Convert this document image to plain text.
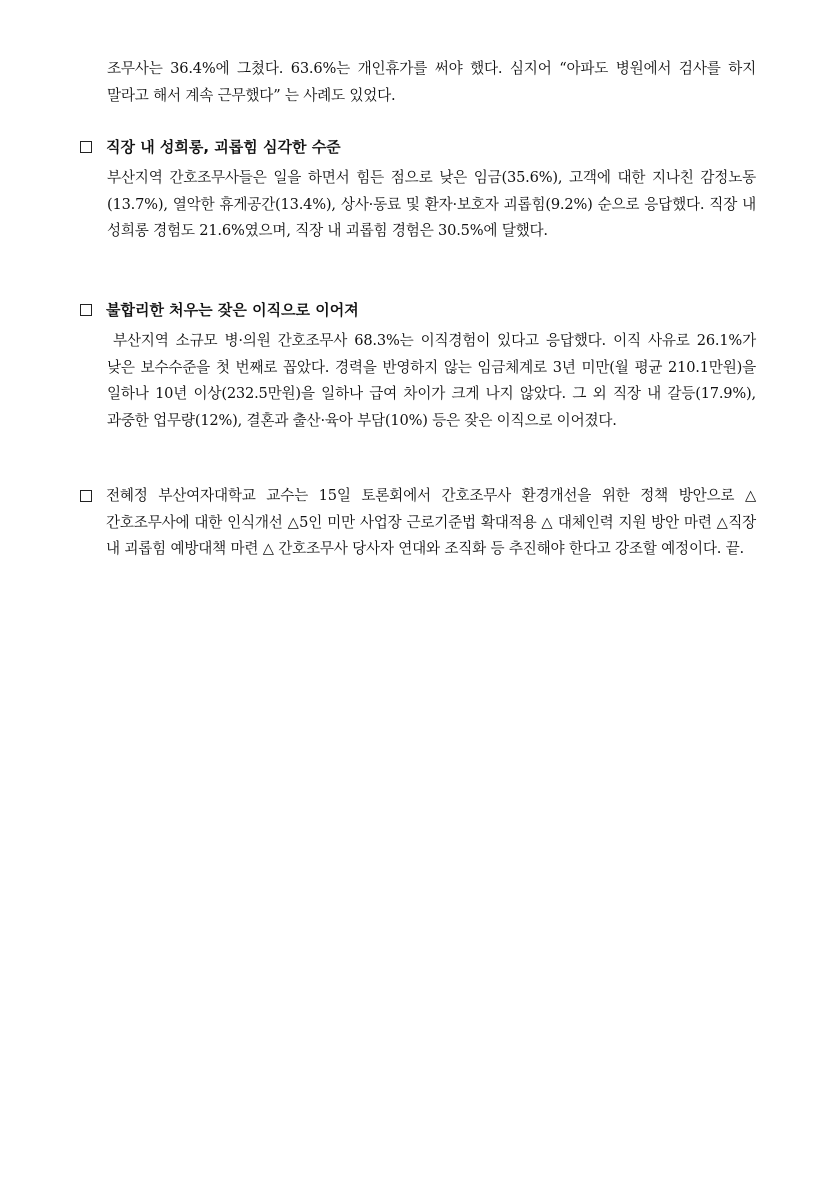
조무사는 36.4%에 그쳤다. 63.6%는 개인휴가를 써야 했다. 심지어 “아파도 병원에서 검사를 하지 말라고 해서 계속 근무했다” 는 사례도 있었다.

직장 내 성희롱, 괴롭힘 심각한 수준

부산지역 간호조무사들은 일을 하면서 힘든 점으로 낮은 임금(35.6%), 고객에 대한 지나친 감정노동(13.7%), 열악한 휴게공간(13.4%), 상사·동료 및 환자·보호자 괴롭힘(9.2%) 순으로 응답했다. 직장 내 성희롱 경험도 21.6%였으며, 직장 내 괴롭힘 경험은 30.5%에 달했다.

불합리한 처우는 잦은 이직으로 이어져

부산지역 소규모 병·의원 간호조무사 68.3%는 이직경험이 있다고 응답했다. 이직 사유로 26.1%가 낮은 보수수준을 첫 번째로 꼽았다. 경력을 반영하지 않는 임금체계로 3년 미만(월 평균 210.1만원)을 일하나 10년 이상(232.5만원)을 일하나 급여 차이가 크게 나지 않았다. 그 외 직장 내 갈등(17.9%), 과중한 업무량(12%), 결혼과 출산·육아 부담(10%) 등은 잦은 이직으로 이어졌다.

전혜정 부산여자대학교 교수는 15일 토론회에서 간호조무사 환경개선을 위한 정책 방안으로 △ 간호조무사에 대한 인식개선 △5인 미만 사업장 근로기준법 확대적용 △ 대체인력 지원 방안 마련 △직장 내 괴롭힘 예방대책 마련 △ 간호조무사 당사자 연대와 조직화 등 추진해야 한다고 강조할 예정이다. 끝.
